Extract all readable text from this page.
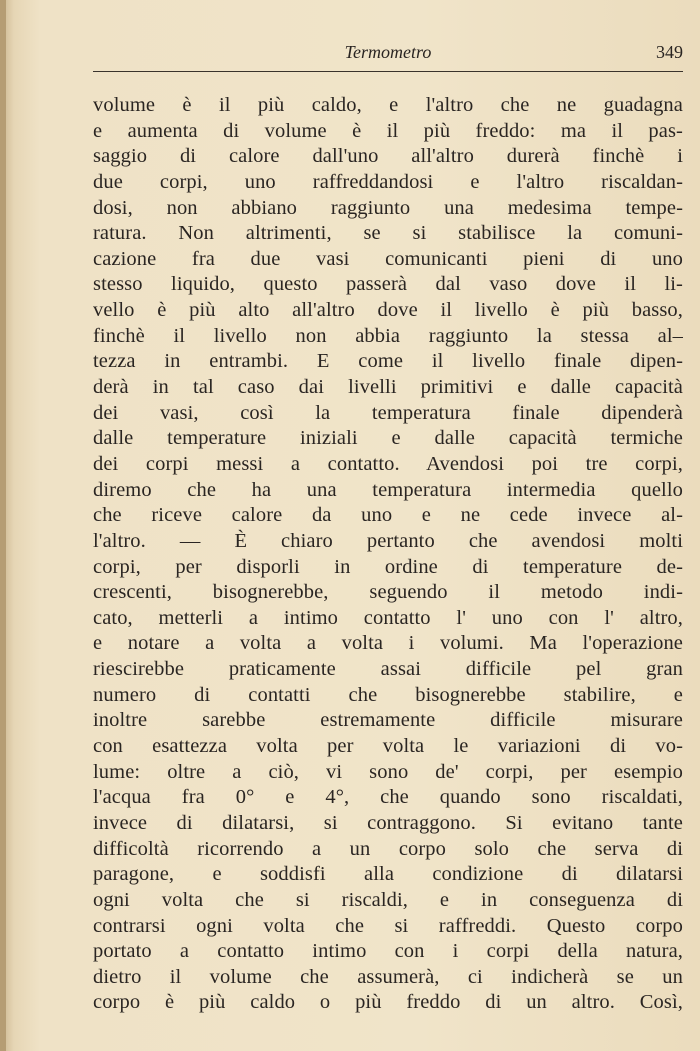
Termometro	349
volume è il più caldo, e l'altro che ne guadagna
e aumenta di volume è il più freddo: ma il pas-
saggio di calore dall'uno all'altro durerà finchè i
due corpi, uno raffreddandosi e l'altro riscaldan-
dosi, non abbiano raggiunto una medesima tempe-
ratura. Non altrimenti, se si stabilisce la comuni-
cazione fra due vasi comunicanti pieni di uno
stesso liquido, questo passerà dal vaso dove il li-
vello è più alto all'altro dove il livello è più basso,
finchè il livello non abbia raggiunto la stessa al–
tezza in entrambi. E come il livello finale dipen-
derà in tal caso dai livelli primitivi e dalle capacità
dei vasi, così la temperatura finale dipenderà
dalle temperature iniziali e dalle capacità termiche
dei corpi messi a contatto. Avendosi poi tre corpi,
diremo che ha una temperatura intermedia quello
che riceve calore da uno e ne cede invece al-
l'altro. — È chiaro pertanto che avendosi molti
corpi, per disporli in ordine di temperature de-
crescenti, bisognerebbe, seguendo il metodo indi-
cato, metterli a intimo contatto l' uno con l' altro,
e notare a volta a volta i volumi. Ma l'operazione
riescirebbe praticamente assai difficile pel gran
numero di contatti che bisognerebbe stabilire, e
inoltre sarebbe estremamente difficile misurare
con esattezza volta per volta le variazioni di vo-
lume: oltre a ciò, vi sono de' corpi, per esempio
l'acqua fra 0° e 4°, che quando sono riscaldati,
invece di dilatarsi, si contraggono. Si evitano tante
difficoltà ricorrendo a un corpo solo che serva di
paragone, e soddisfi alla condizione di dilatarsi
ogni volta che si riscaldi, e in conseguenza di
contrarsi ogni volta che si raffreddi. Questo corpo
portato a contatto intimo con i corpi della natura,
dietro il volume che assumerà, ci indicherà se un
corpo è più caldo o più freddo di un altro. Così,
